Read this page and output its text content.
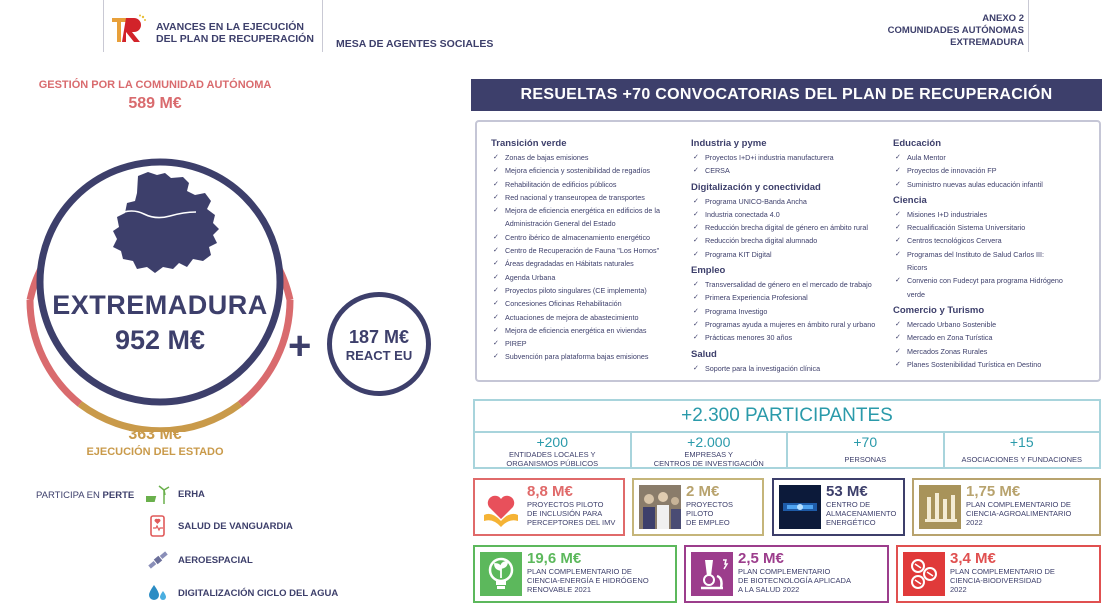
AVANCES EN LA EJECUCIÓN
DEL PLAN DE RECUPERACIÓN MESA DE AGENTES SOCIALES
ANEXO 2
COMUNIDADES AUTÓNOMAS
EXTREMADURA
GESTIÓN POR LA COMUNIDAD AUTÓNOMA
589 M€
EXTREMADURA
952 M€	+	187 M€
REACT EU
363 M€
EJECUCIÓN DEL ESTADO
PARTICIPA EN PERTE	ERHA
SALUD DE VANGUARDIA
AEROESPACIAL
DIGITALIZACIÓN CICLO DEL AGUA
RESUELTAS +70 CONVOCATORIAS DEL PLAN DE RECUPERACIÓN
Transición verde
✓ Zonas de bajas emisiones
✓ Mejora eficiencia y sostenibilidad de regadíos
✓ Rehabilitación de edificios públicos
✓ Red nacional y transeuropea de transportes
✓ Mejora de eficiencia energética en edificios de la
Administración General del Estado
✓ Centro ibérico de almacenamiento energético
✓ Centro de Recuperación de Fauna "Los Hornos"
✓ Áreas degradadas en Hábitats naturales
✓ Agenda Urbana
✓ Proyectos piloto singulares (CE implementa)
✓ Concesiones Oficinas Rehabilitación
✓ Actuaciones de mejora de abastecimiento
✓ Mejora de eficiencia energética en viviendas
✓ PIREP
✓ Subvención para plataforma bajas emisiones
Industria y pyme
✓ Proyectos I+D+i industria manufacturera
✓ CERSA
Digitalización y conectividad
✓ Programa UNICO-Banda Ancha
✓ Industria conectada 4.0
✓ Reducción brecha digital de género en ámbito rural
✓ Reducción brecha digital alumnado
✓ Programa KIT Digital
Empleo
✓ Transversalidad de género en el mercado de trabajo
✓ Primera Experiencia Profesional
✓ Programa Investigo
✓ Programas ayuda a mujeres en ámbito rural y urbano
✓ Prácticas menores 30 años
Salud
✓ Soporte para la investigación clínica
Educación
✓ Aula Mentor
✓ Proyectos de innovación FP
✓ Suministro nuevas aulas educación infantil
Ciencia
✓ Misiones I+D industriales
✓ Recualificación Sistema Universitario
✓ Centros tecnológicos Cervera
✓ Programas del Instituto de Salud Carlos III:
Ricors
✓ Convenio con Fudecyt para programa Hidrógeno
verde
Comercio y Turismo
✓ Mercado Urbano Sostenible
✓ Mercado en Zona Turística
✓ Mercados Zonas Rurales
✓ Planes Sostenibilidad Turística en Destino
+2.300 PARTICIPANTES
+200
ENTIDADES LOCALES Y
ORGANISMOS PÚBLICOS
+2.000
EMPRESAS Y
CENTROS DE INVESTIGACIÓN
+70
PERSONAS
+15
ASOCIACIONES Y FUNDACIONES
8,8 M€
PROYECTOS PILOTO
DE INCLUSIÓN PARA
PERCEPTORES DEL IMV
2 M€
PROYECTOS
PILOTO
DE EMPLEO
53 M€
CENTRO DE
ALMACENAMIENTO
ENERGÉTICO
1,75 M€
PLAN COMPLEMENTARIO DE
CIENCIA-AGROALIMENTARIO
2022
19,6 M€
PLAN COMPLEMENTARIO DE
CIENCIA-ENERGÍA E HIDRÓGENO
RENOVABLE 2021
2,5 M€
PLAN COMPLEMENTARIO
DE BIOTECNOLOGÍA APLICADA
A LA SALUD 2022
3,4 M€
PLAN COMPLEMENTARIO DE
CIENCIA-BIODIVERSIDAD
2022
